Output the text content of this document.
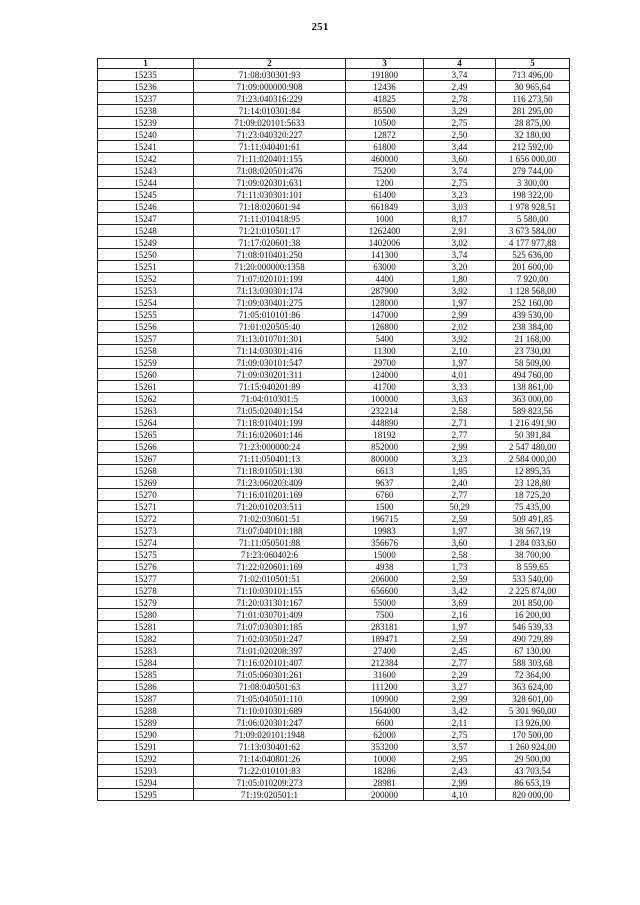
251
1	2	3	4	5
15235	71:08:030301:93	191800	3,74	713 496,00
15236	71:09:000000:908	12436	2,49	30 965,64
15237	71:23:040316:229	41825	2,78	116 273,50
15238	71:14:010301:84	85500	3,29	281 295,00
15239	71:09:020101:5633	10500	2,75	28 875,00
15240	71:23:040320:227	12872	2,50	32 180,00
15241	71:11:040401:61	61800	3,44	212 592,00
15242	71:11:020401:155	460000	3,60	1 656 000,00
15243	71:08:020501:476	75200	3,74	279 744,00
15244	71:09:020301:631	1200	2,75	3 300,00
15245	71:11:030301:101	61400	3,23	198 322,00
15246	71:18:020601:94	661849	3,03	1 978 928,51
15247	71:11:010418:95	1000	8,17	5 580,00
15248	71:21:010501:17	1262400	2,91	3 673 584,00
15249	71:17:020601:38	1402006	3,02	4 177 977,88
15250	71:08:010401:250	141300	3,74	525 636,00
15251	71:20:000000:1358	63000	3,20	201 600,00
15252	71:07:020101:199	4400	1,80	7 920,00
15253	71:13:030301:174	287900	3,92	1 128 568,00
15254	71:09:030401:275	128000	1,97	252 160,00
15255	71:05:010101:86	147000	2,99	439 530,00
15256	71:01:020505:40	126800	2,02	238 384,00
15257	71:13:010701:301	5400	3,92	21 168,00
15258	71:14:030301:416	11300	2,10	23 730,00
15259	71:09:030101:547	29700	1,97	58 509,00
15260	71:09:030201:311	124000	4,01	494 760,00
15261	71:15:040201:89	41700	3,33	138 861,00
15262	71:04:010301:5	100000	3,63	363 000,00
15263	71:05:020401:154	232214	2,58	589 823,56
15264	71:18:010401:199	448890	2,71	1 216 491,90
15265	71:16:020601:146	18192	2,77	50 391,84
15266	71:23:000000:24	852000	2,99	2 547 480,00
15267	71:11:050401:13	800000	3,23	2 584 000,00
15268	71:18:010501:130	6613	1,95	12 895,35
15269	71:23:060203:409	9637	2,40	23 128,80
15270	71:16:010201:169	6760	2,77	18 725,20
15271	71:20:010203:511	1500	50,29	75 435,00
15272	71:02:030601:51	196715	2,59	509 491,85
15273	71:07:040101:188	19983	1,97	38 567,19
15274	71:11:050501:88	356676	3,60	1 284 033,60
15275	71:23:060402:6	15000	2,58	38 700,00
15276	71:22:020601:169	4938	1,73	8 559,65
15277	71:02:010501:51	206000	2,59	533 540,00
15278	71:10:030101:155	656600	3,42	2 225 874,00
15279	71:20:031301:167	55000	3,69	201 850,00
15280	71:01:030701:409	7500	2,16	16 200,00
15281	71:07:030301:185	283181	1,97	546 539,33
15282	71:02:030501:247	189471	2,59	490 729,89
15283	71:01:020208:397	27400	2,45	67 130,00
15284	71:16:020101:407	212384	2,77	588 303,68
15285	71:05:060301:261	31600	2,29	72 364,00
15286	71:08:040501:63	111200	3,27	363 624,00
15287	71:05:040501:110	109900	2,99	328 601,00
15288	71:10:010301:689	1564000	3,42	5 301 960,00
15289	71:06:020301:247	6600	2,11	13 926,00
15290	71:09:020101:1948	62000	2,75	170 500,00
15291	71:13:030401:62	353200	3,57	1 260 924,00
15292	71:14:040801:26	10000	2,95	29 500,00
15293	71:22:010101:83	18286	2,43	43 703,54
15294	71:05:010209:273	28981	2,99	86 653,19
15295	71:19:020501:1	200000	4,10	820 000,00
